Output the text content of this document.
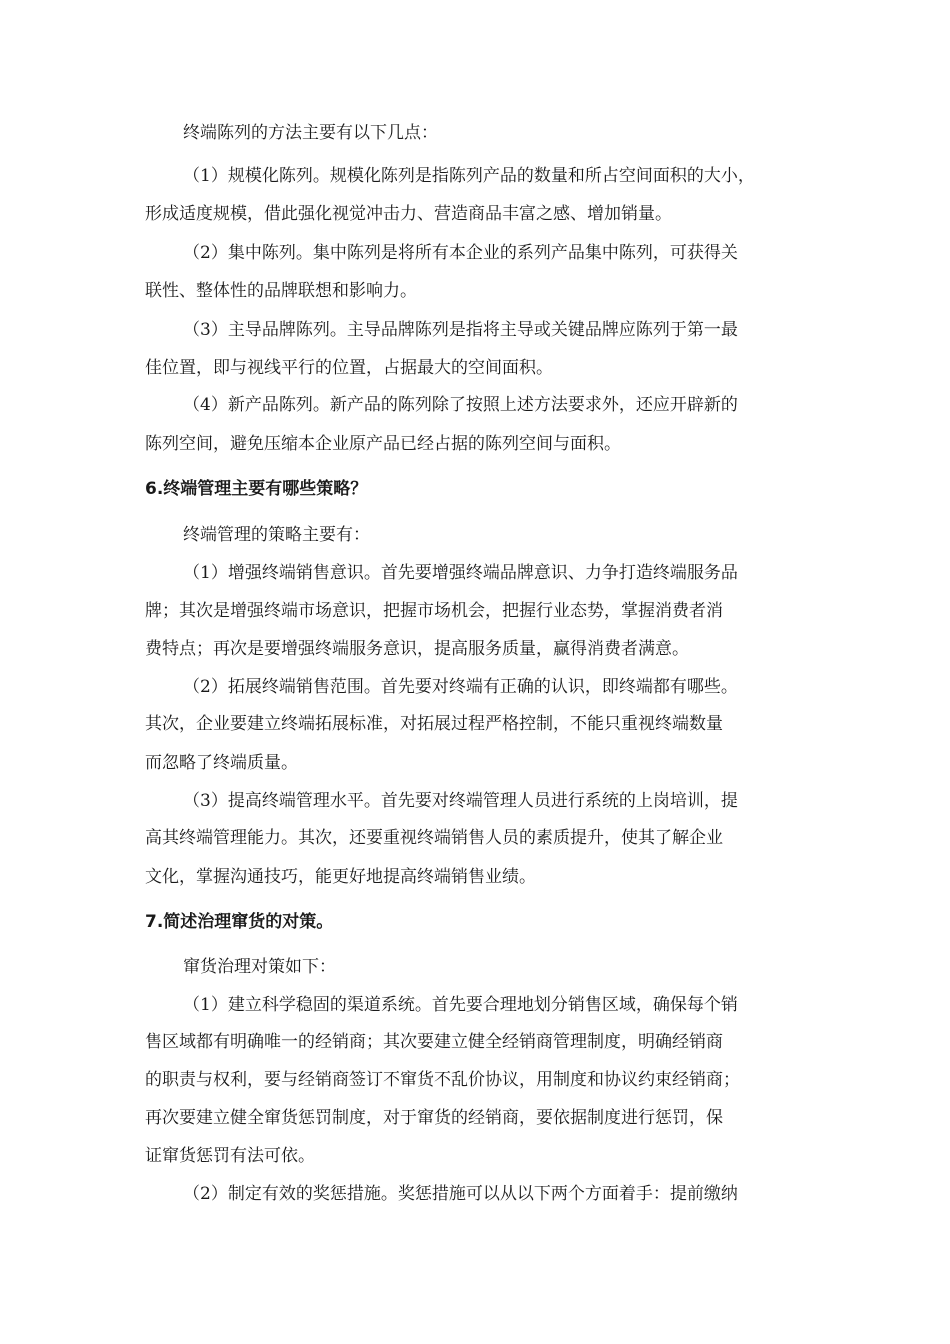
终端陈列的方法主要有以下几点：
（1）规模化陈列。规模化陈列是指陈列产品的数量和所占空间面积的大小，
形成适度规模，借此强化视觉冲击力、营造商品丰富之感、增加销量。
（2）集中陈列。集中陈列是将所有本企业的系列产品集中陈列，可获得关
联性、整体性的品牌联想和影响力。
（3）主导品牌陈列。主导品牌陈列是指将主导或关键品牌应陈列于第一最
佳位置，即与视线平行的位置，占据最大的空间面积。
（4）新产品陈列。新产品的陈列除了按照上述方法要求外，还应开辟新的
陈列空间，避免压缩本企业原产品已经占据的陈列空间与面积。
6.终端管理主要有哪些策略？
终端管理的策略主要有：
（1）增强终端销售意识。首先要增强终端品牌意识、力争打造终端服务品
牌；其次是增强终端市场意识，把握市场机会，把握行业态势，掌握消费者消
费特点；再次是要增强终端服务意识，提高服务质量，赢得消费者满意。
（2）拓展终端销售范围。首先要对终端有正确的认识，即终端都有哪些。
其次，企业要建立终端拓展标准，对拓展过程严格控制，不能只重视终端数量
而忽略了终端质量。
（3）提高终端管理水平。首先要对终端管理人员进行系统的上岗培训，提
高其终端管理能力。其次，还要重视终端销售人员的素质提升，使其了解企业
文化，掌握沟通技巧，能更好地提高终端销售业绩。
7.简述治理窜货的对策。
窜货治理对策如下：
（1）建立科学稳固的渠道系统。首先要合理地划分销售区域，确保每个销
售区域都有明确唯一的经销商；其次要建立健全经销商管理制度，明确经销商
的职责与权利，要与经销商签订不窜货不乱价协议，用制度和协议约束经销商；
再次要建立健全窜货惩罚制度，对于窜货的经销商，要依据制度进行惩罚，保
证窜货惩罚有法可依。
（2）制定有效的奖惩措施。奖惩措施可以从以下两个方面着手：提前缴纳
